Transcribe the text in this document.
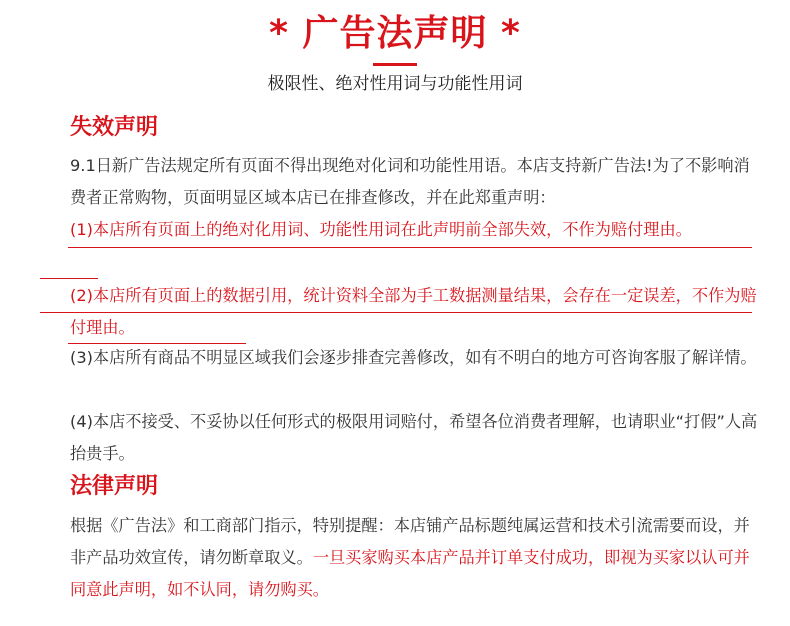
* 广告法声明 *
极限性、绝对性用词与功能性用词
失效声明
9.1日新广告法规定所有页面不得出现绝对化词和功能性用语。本店支持新广告法!为了不影响消费者正常购物，页面明显区域本店已在排查修改，并在此郑重声明：
(1)本店所有页面上的绝对化用词、功能性用词在此声明前全部失效，不作为赔付理由。
(2)本店所有页面上的数据引用，统计资料全部为手工数据测量结果，会存在一定误差，不作为赔付理由。
(3)本店所有商品不明显区域我们会逐步排查完善修改，如有不明白的地方可咨询客服了解详情。
(4)本店不接受、不妥协以任何形式的极限用词赔付，希望各位消费者理解，也请职业“打假”人高抬贵手。
法律声明
根据《广告法》和工商部门指示，特别提醒：本店铺产品标题纯属运营和技术引流需要而设，并非产品功效宣传，请勿断章取义。一旦买家购买本店产品并订单支付成功，即视为买家以认可并同意此声明，如不认同，请勿购买。
